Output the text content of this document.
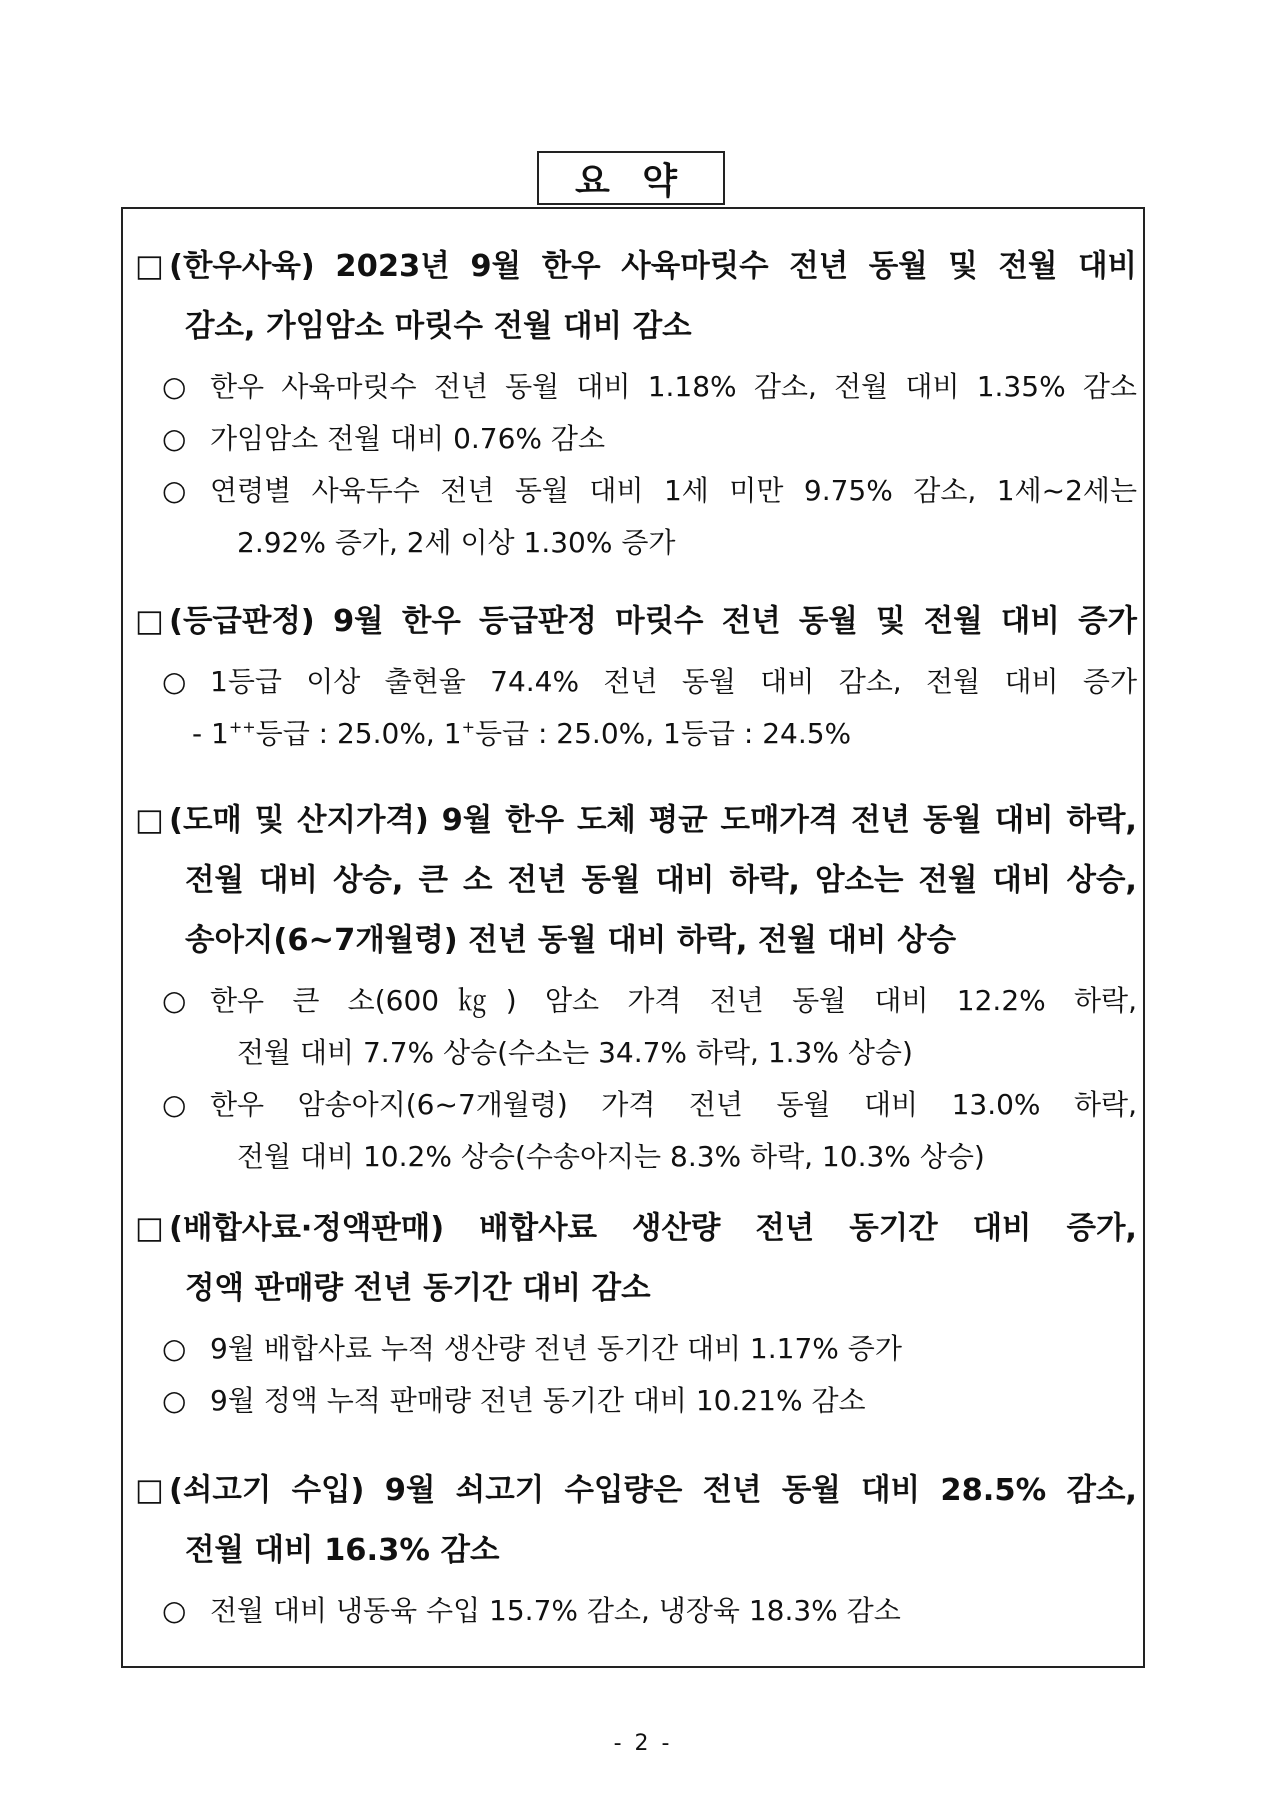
요 약
□ (한우사육) 2023년 9월 한우 사육마릿수 전년 동월 및 전월 대비
감소, 가임암소 마릿수 전월 대비 감소
○ 한우 사육마릿수 전년 동월 대비 1.18% 감소, 전월 대비 1.35% 감소
○ 가임암소 전월 대비 0.76% 감소
○ 연령별 사육두수 전년 동월 대비 1세 미만 9.75% 감소, 1세~2세는
2.92% 증가, 2세 이상 1.30% 증가
□ (등급판정) 9월 한우 등급판정 마릿수 전년 동월 및 전월 대비 증가
○ 1등급 이상 출현율 74.4% 전년 동월 대비 감소, 전월 대비 증가
- 1++등급 : 25.0%, 1+등급 : 25.0%, 1등급 : 24.5%
□ (도매 및 산지가격) 9월 한우 도체 평균 도매가격 전년 동월 대비 하락,
전월 대비 상승, 큰 소 전년 동월 대비 하락, 암소는 전월 대비 상승,
송아지(6~7개월령) 전년 동월 대비 하락, 전월 대비 상승
○ 한우 큰 소(600㎏) 암소 가격 전년 동월 대비 12.2% 하락,
전월 대비 7.7% 상승(수소는 34.7% 하락, 1.3% 상승)
○ 한우 암송아지(6~7개월령) 가격 전년 동월 대비 13.0% 하락,
전월 대비 10.2% 상승(수송아지는 8.3% 하락, 10.3% 상승)
□ (배합사료·정액판매) 배합사료 생산량 전년 동기간 대비 증가,
정액 판매량 전년 동기간 대비 감소
○ 9월 배합사료 누적 생산량 전년 동기간 대비 1.17% 증가
○ 9월 정액 누적 판매량 전년 동기간 대비 10.21% 감소
□ (쇠고기 수입) 9월 쇠고기 수입량은 전년 동월 대비 28.5% 감소,
전월 대비 16.3% 감소
○ 전월 대비 냉동육 수입 15.7% 감소, 냉장육 18.3% 감소
- 2 -
